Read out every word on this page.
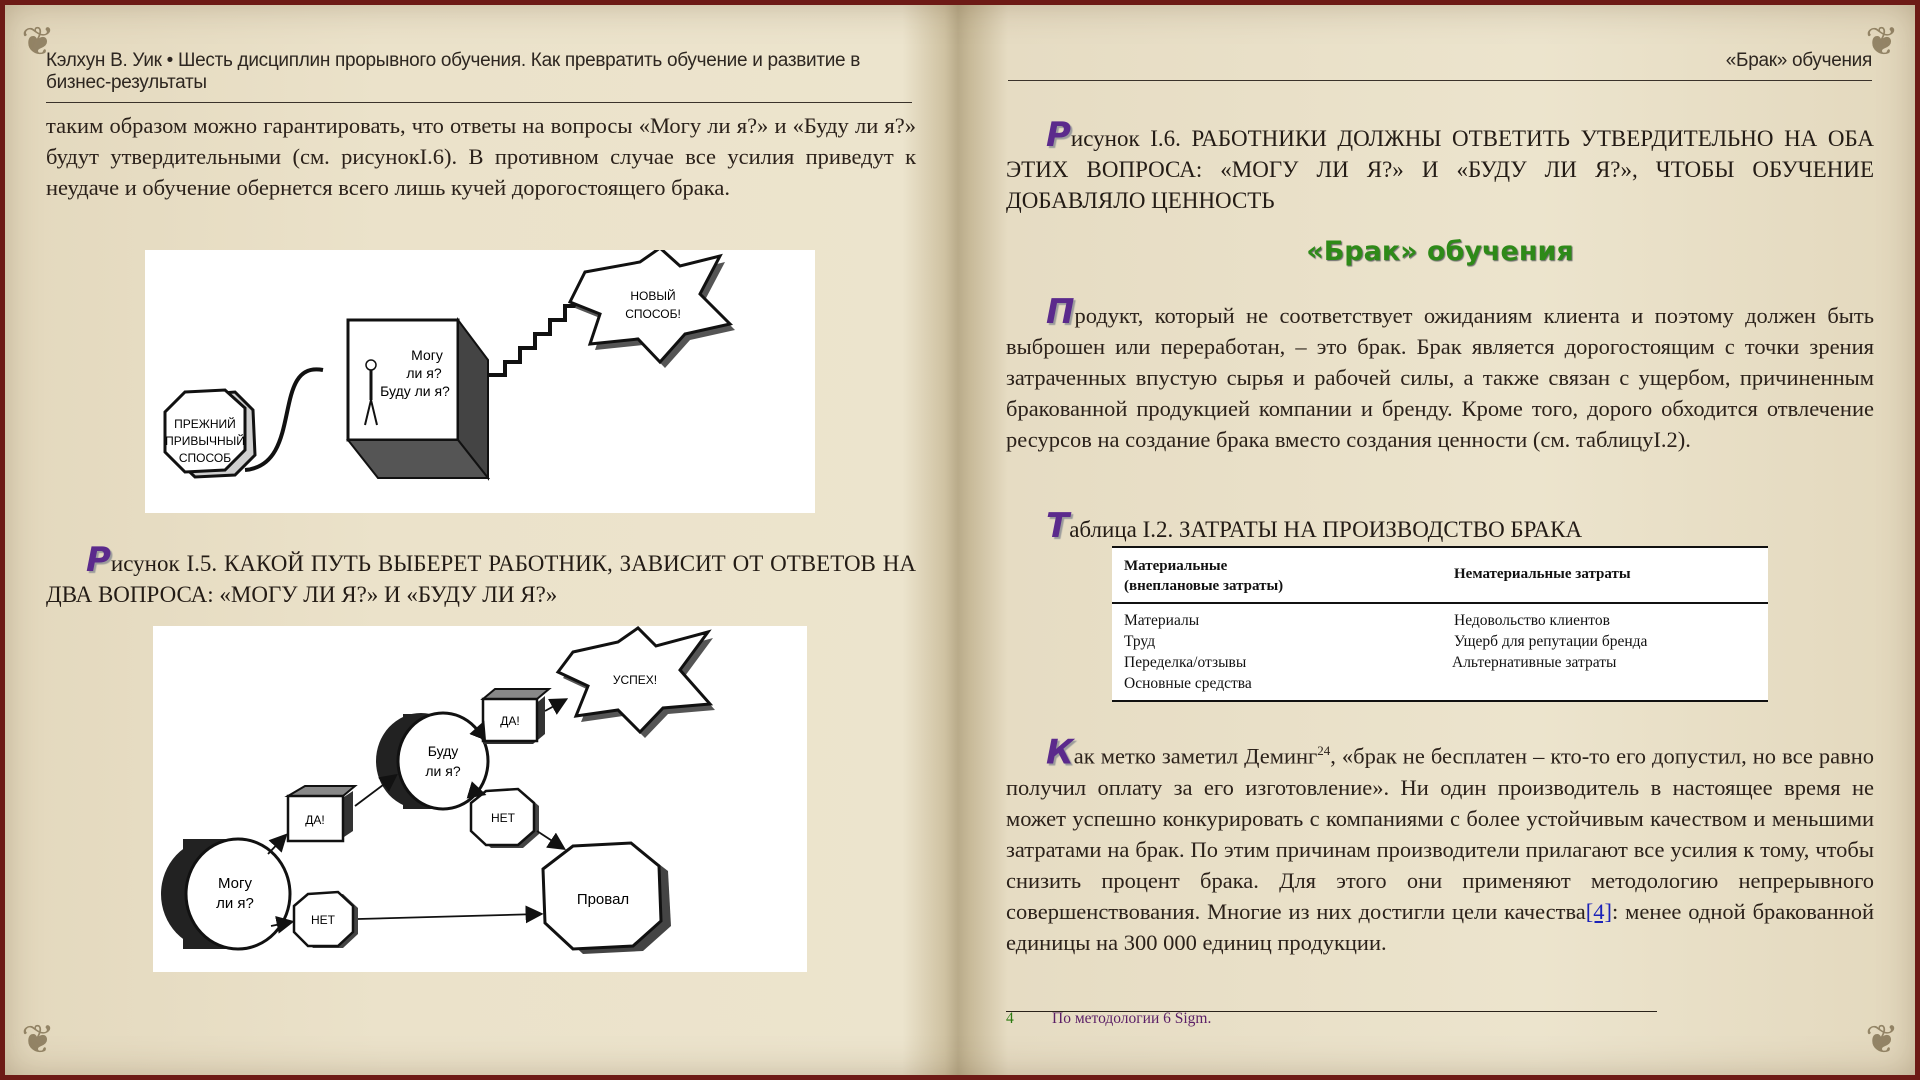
❦
❦
❦
❦
Кэлхун В. Уик • Шесть дисциплин прорывного обучения. Как превратить обучение и развитие в бизнес-результаты
«Брак» обучения
таким образом можно гарантировать, что ответы на вопросы «Могу ли я?» и «Буду ли я?» будут утвердительными (см. рисунокI.6). В противном случае все усилия приведут к неудаче и обучение обернется всего лишь кучей дорогостоящего брака.
ПРЕЖНИЙ
ПРИВЫЧНЫЙ
СПОСОБ
Могу
ли я?
Буду ли я?
НОВЫЙ
СПОСОБ!
Рисунок I.5. КАКОЙ ПУТЬ ВЫБЕРЕТ РАБОТНИК, ЗАВИСИТ ОТ ОТВЕТОВ НА ДВА ВОПРОСА: «МОГУ ЛИ Я?» И «БУДУ ЛИ Я?»
Могу
ли я?
ДА!
НЕТ
Буду
ли я?
ДА!
НЕТ
УСПЕХ!
Провал
Рисунок I.6. РАБОТНИКИ ДОЛЖНЫ ОТВЕТИТЬ УТВЕРДИТЕЛЬНО НА ОБА ЭТИХ ВОПРОСА: «МОГУ ЛИ Я?» И «БУДУ ЛИ Я?», ЧТОБЫ ОБУЧЕНИЕ ДОБАВЛЯЛО ЦЕННОСТЬ
«Брак» обучения
Продукт, который не соответствует ожиданиям клиента и поэтому должен быть выброшен или переработан, – это брак. Брак является дорогостоящим с точки зрения затраченных впустую сырья и рабочей силы, а также связан с ущербом, причиненным бракованной продукцией компании и бренду. Кроме того, дорого обходится отвлечение ресурсов на создание брака вместо создания ценности (см. таблицуI.2).
Таблица I.2. ЗАТРАТЫ НА ПРОИЗВОДСТВО БРАКА
Материальные
(внеплановые затраты)
Нематериальные затраты
Материалы
Труд
Переделка/отзывы
Основные средства
Недовольство клиентов
Ущерб для репутации бренда
Альтернативные затраты
Как метко заметил Деминг$^{24}$, «брак не бесплатен – кто-то его допустил, но все равно получил оплату за его изготовление». Ни один производитель в настоящее время не может успешно конкурировать с компаниями с более устойчивым качеством и меньшими затратами на брак. По этим причинам производители прилагают все усилия к тому, чтобы снизить процент брака. Для этого они применяют методологию непрерывного совершенствования. Многие из них достигли цели качества[4]: менее одной бракованной единицы на 300 000 единиц продукции.
4 По методологии 6 Sigm.
